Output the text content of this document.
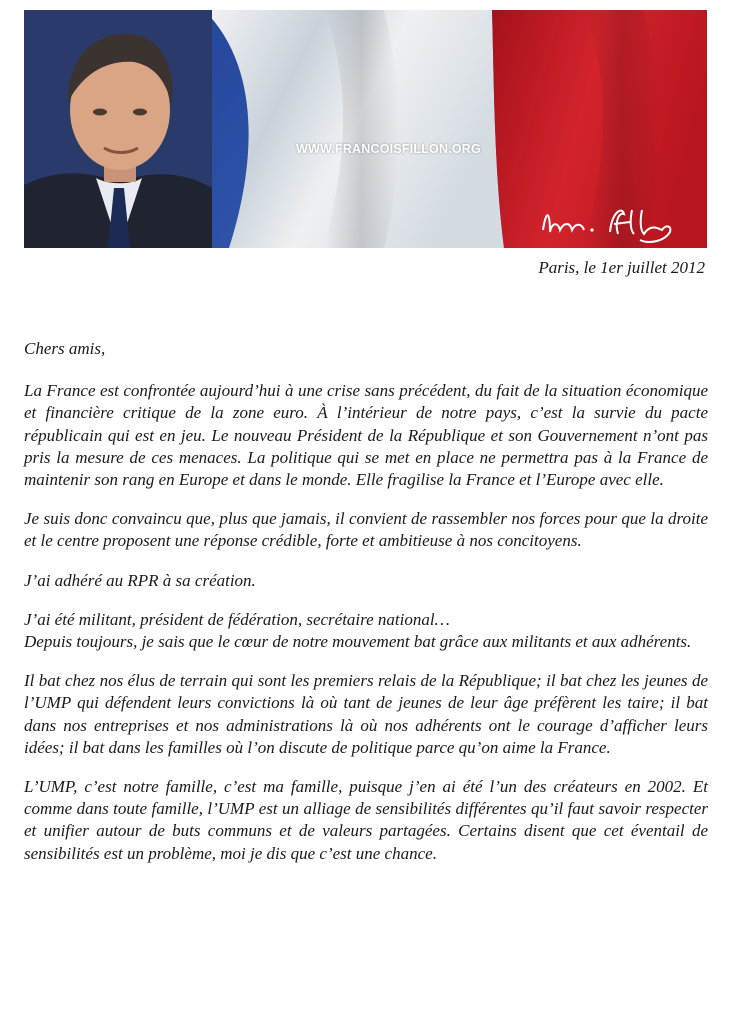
WWW.FRANCOISFILLON.ORG
Paris, le 1er juillet 2012

Chers amis,

La France est confrontée aujourd’hui à une crise sans précédent, du fait de la situation économique et financière critique de la zone euro. À l’intérieur de notre pays, c’est la survie du pacte républicain qui est en jeu. Le nouveau Président de la République et son Gouvernement n’ont pas pris la mesure de ces menaces. La politique qui se met en place ne permettra pas à la France de maintenir son rang en Europe et dans le monde. Elle fragilise la France et l’Europe avec elle.

Je suis donc convaincu que, plus que jamais, il convient de rassembler nos forces pour que la droite et le centre proposent une réponse crédible, forte et ambitieuse à nos concitoyens.

J’ai adhéré au RPR à sa création.

J’ai été militant, président de fédération, secrétaire national…

Depuis toujours, je sais que le cœur de notre mouvement bat grâce aux militants et aux adhérents.

Il bat chez nos élus de terrain qui sont les premiers relais de la République; il bat chez les jeunes de l’UMP qui défendent leurs convictions là où tant de jeunes de leur âge préfèrent les taire; il bat dans nos entreprises et nos administrations là où nos adhérents ont le courage d’afficher leurs idées; il bat dans les familles où l’on discute de politique parce qu’on aime la France.

L’UMP, c’est notre famille, c’est ma famille, puisque j’en ai été l’un des créateurs en 2002. Et comme dans toute famille, l’UMP est un alliage de sensibilités différentes qu’il faut savoir respecter et unifier autour de buts communs et de valeurs partagées. Certains disent que cet éventail de sensibilités est un problème, moi je dis que c’est une chance.
